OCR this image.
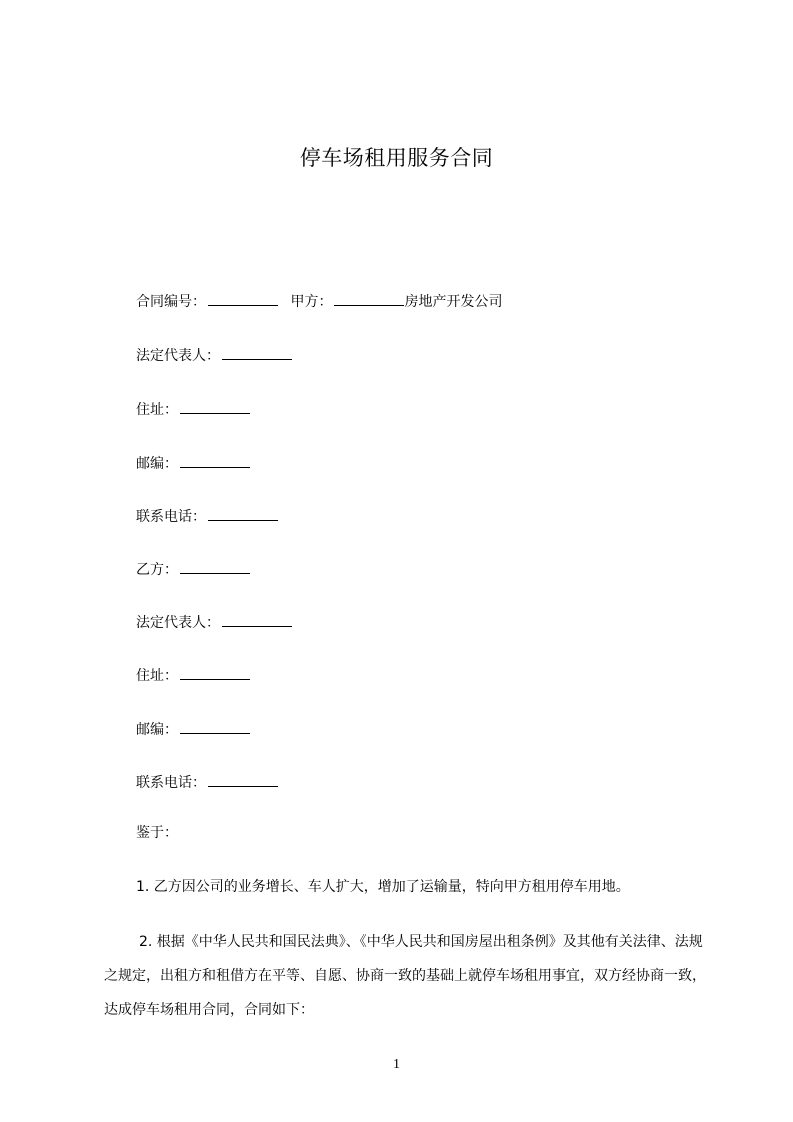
停车场租用服务合同
合同编号：	甲方：	房地产开发公司
法定代表人：
住址：
邮编：
联系电话：
乙方：
法定代表人：
住址：
邮编：
联系电话：
鉴于：
1. 乙方因公司的业务增长、车人扩大，增加了运输量，特向甲方租用停车用地。
2. 根据《中华人民共和国民法典》、《中华人民共和国房屋出租条例》及其他有关法律、法规之规定，出租方和租借方在平等、自愿、协商一致的基础上就停车场租用事宜，双方经协商一致，达成停车场租用合同，合同如下：
1
